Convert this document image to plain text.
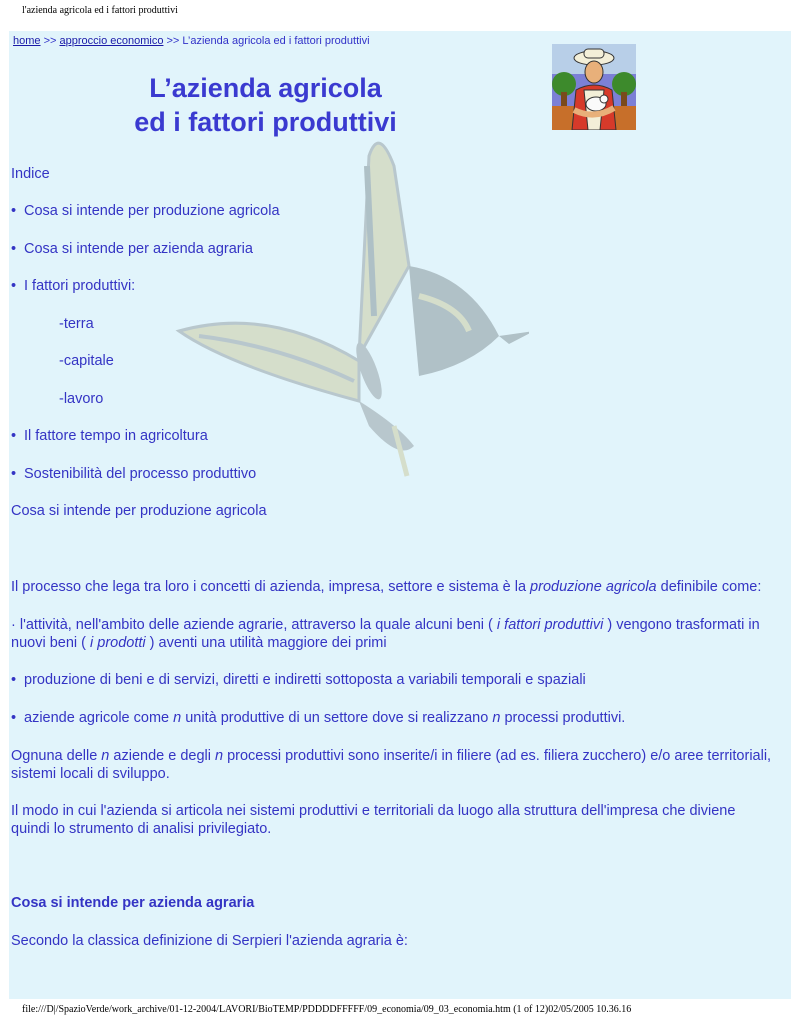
l'azienda agricola ed i fattori produttivi
home >> approccio economico >> L’azienda agricola ed i fattori produttivi
L’azienda agricola
ed i fattori produttivi
Indice
• Cosa si intende per produzione agricola
• Cosa si intende per azienda agraria
• I fattori produttivi:
-terra
-capitale
-lavoro
• Il fattore tempo in agricoltura
• Sostenibilità del processo produttivo
Cosa si intende per produzione agricola
Il processo che lega tra loro i concetti di azienda, impresa, settore e sistema è la produzione agricola definibile come:
· l'attività, nell'ambito delle aziende agrarie, attraverso la quale alcuni beni ( i fattori produttivi ) vengono trasformati in nuovi beni ( i prodotti ) aventi una utilità maggiore dei primi
• produzione di beni e di servizi, diretti e indiretti sottoposta a variabili temporali e spaziali
• aziende agricole come n unità produttive di un settore dove si realizzano n processi produttivi.
Ognuna delle n aziende e degli n processi produttivi sono inserite/i in filiere (ad es. filiera zucchero) e/o aree territoriali, sistemi locali di sviluppo.
Il modo in cui l'azienda si articola nei sistemi produttivi e territoriali da luogo alla struttura dell'impresa che diviene quindi lo strumento di analisi privilegiato.
Cosa si intende per azienda agraria
Secondo la classica definizione di Serpieri l'azienda agraria è:
file:///D|/SpazioVerde/work_archive/01-12-2004/LAVORI/BioTEMP/PDDDDFFFFF/09_economia/09_03_economia.htm (1 of 12)02/05/2005 10.36.16
